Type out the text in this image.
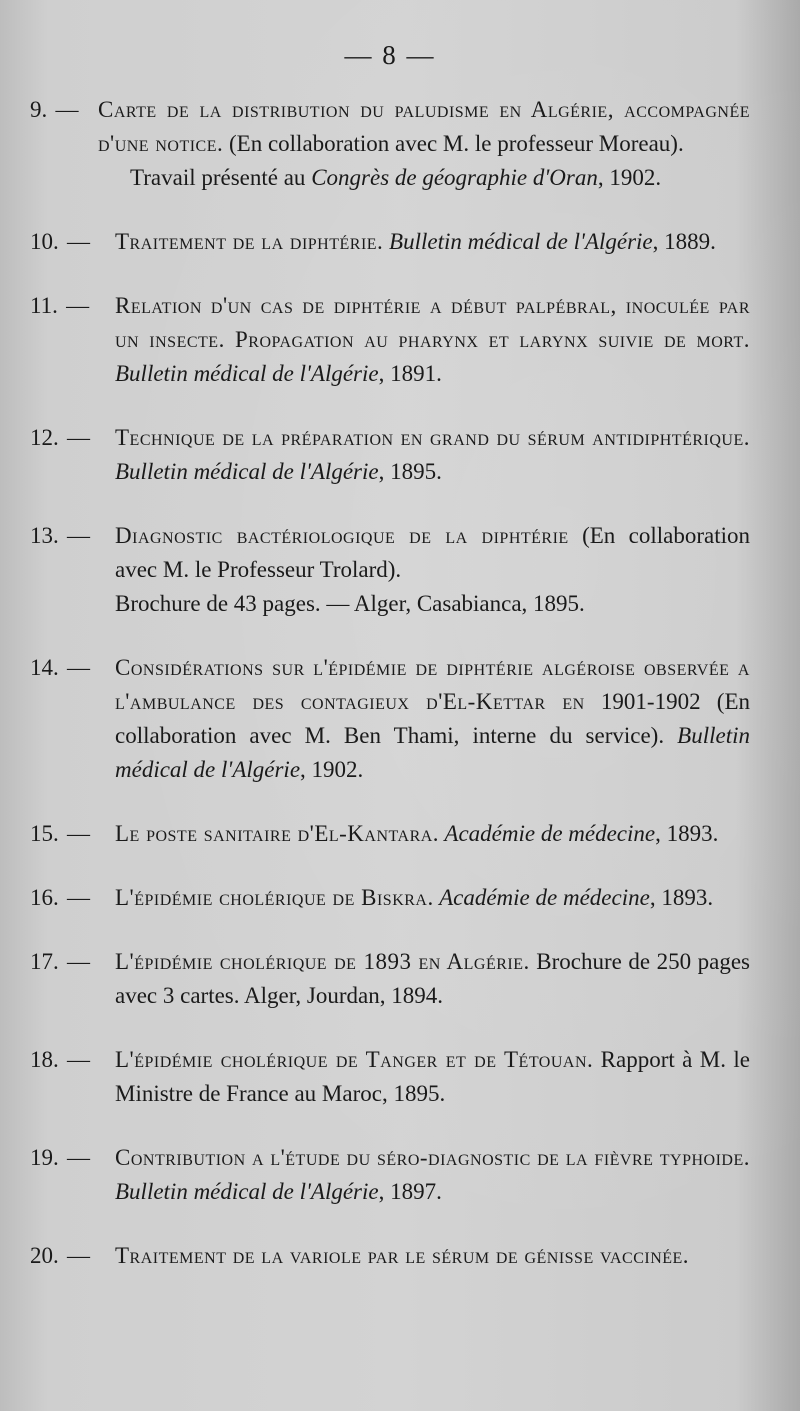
— 8 —
9. — Carte de la distribution du paludisme en Algérie, accompagnée d'une notice. (En collaboration avec M. le professeur Moreau).
Travail présenté au Congrès de géographie d'Oran, 1902.
10. —	Traitement de la diphtérie. Bulletin médical de l'Algérie, 1889.
11. —	Relation d'un cas de diphtérie a début palpébral, inoculée par un insecte. Propagation au pharynx et larynx suivie de mort. Bulletin médical de l'Algérie, 1891.
12. —	Technique de la préparation en grand du sérum antidiphtérique. Bulletin médical de l'Algérie, 1895.
13. —	Diagnostic bactériologique de la diphtérie (En collaboration avec M. le Professeur Trolard).
Brochure de 43 pages. — Alger, Casabianca, 1895.
14. —	Considérations sur l'épidémie de diphtérie algéroise observée a l'ambulance des contagieux d'El-Kettar en 1901-1902 (En collaboration avec M. Ben Thami, interne du service). Bulletin médical de l'Algérie, 1902.
15. —	Le poste sanitaire d'El-Kantara. Académie de médecine, 1893.
16. —	L'épidémie cholérique de Biskra. Académie de médecine, 1893.
17. —	L'épidémie cholérique de 1893 en Algérie. Brochure de 250 pages avec 3 cartes. Alger, Jourdan, 1894.
18. —	L'épidémie cholérique de Tanger et de Tétouan. Rapport à M. le Ministre de France au Maroc, 1895.
19. —	Contribution a l'étude du séro-diagnostic de la fièvre typhoide. Bulletin médical de l'Algérie, 1897.
20. —	Traitement de la variole par le sérum de génisse vaccinée.
